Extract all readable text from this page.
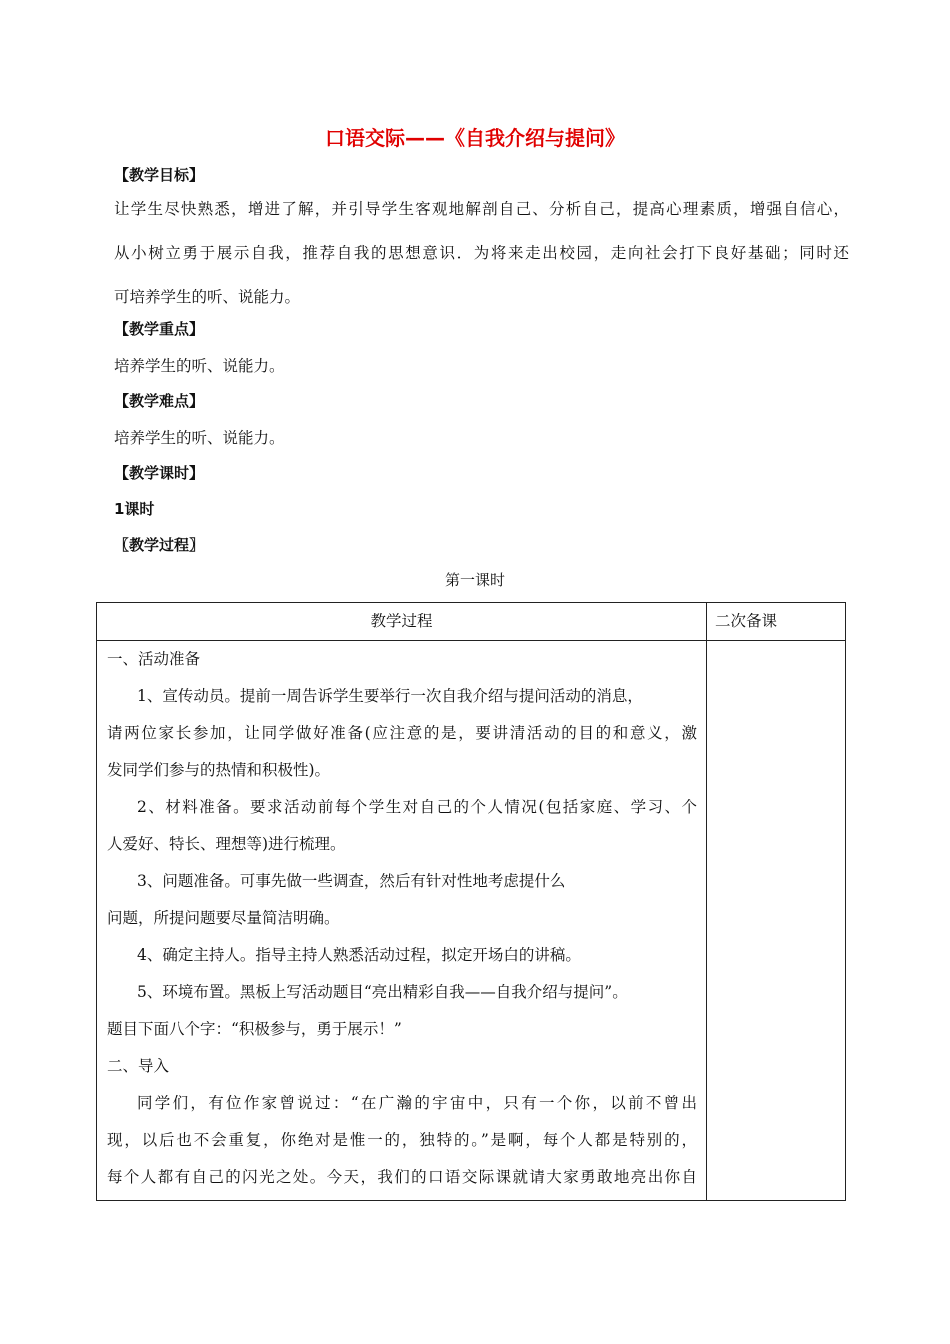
口语交际——《自我介绍与提问》
【教学目标】
让学生尽快熟悉，增进了解，并引导学生客观地解剖自己、分析自己，提高心理素质，增强自信心，
从小树立勇于展示自我，推荐自我的思想意识．为将来走出校园，走向社会打下良好基础；同时还
可培养学生的听、说能力。
【教学重点】
培养学生的听、说能力。
【教学难点】
培养学生的听、说能力。
【教学课时】
1课时
〖教学过程〗
第一课时
教学过程	二次备课
一、活动准备
1、宣传动员。提前一周告诉学生要举行一次自我介绍与提问活动的消息，
请两位家长参加，让同学做好准备(应注意的是，要讲清活动的目的和意义，激
发同学们参与的热情和积极性)。
2、材料准备。要求活动前每个学生对自己的个人情况(包括家庭、学习、个
人爱好、特长、理想等)进行梳理。
3、问题准备。可事先做一些调查，然后有针对性地考虑提什么
问题，所提问题要尽量简洁明确。
4、确定主持人。指导主持人熟悉活动过程，拟定开场白的讲稿。
5、环境布置。黑板上写活动题目“亮出精彩自我——自我介绍与提问”。
题目下面八个字：“积极参与，勇于展示！”
二、导入
同学们，有位作家曾说过：“在广瀚的宇宙中，只有一个你，以前不曾出
现，以后也不会重复，你绝对是惟一的，独特的。”是啊，每个人都是特别的，
每个人都有自己的闪光之处。今天，我们的口语交际课就请大家勇敢地亮出你自
